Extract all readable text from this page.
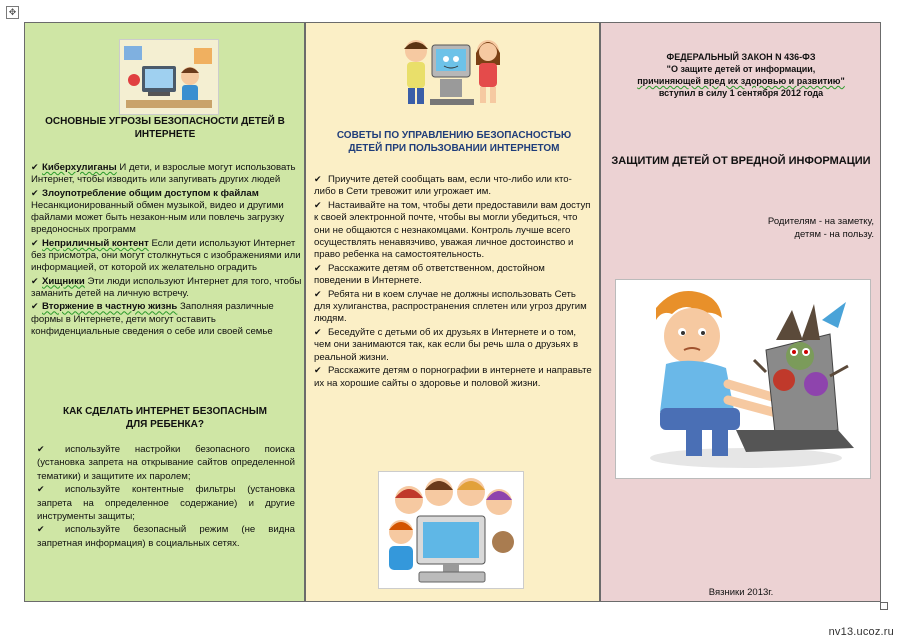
✥
ОСНОВНЫЕ УГРОЗЫ БЕЗОПАСНОСТИ ДЕТЕЙ В ИНТЕРНЕТЕ
✔ Киберхулиганы И дети, и взрослые могут использовать Интернет, чтобы изводить или запугивать других людей
✔ Злоупотребление общим доступом к файлам Несанкционированный обмен музыкой, видео и другими файлами может быть незакон-ным или повлечь загрузку вредоносных программ
✔ Неприличный контент Если дети используют Интернет без присмотра, они могут столкнуться с изображениями или информацией, от которой их желательно оградить
✔ Хищники Эти люди используют Интернет для того, чтобы заманить детей на личную встречу.
✔ Вторжение в частную жизнь Заполняя различные формы в Интернете, дети могут оставить конфиденциальные сведения о себе или своей семье
КАК СДЕЛАТЬ ИНТЕРНЕТ БЕЗОПАСНЫМ ДЛЯ РЕБЕНКА?
✔ используйте настройки безопасного поиска (установка запрета на открывание сайтов определенной тематики) и защитите их паролем;
✔ используйте контентные фильтры (установка запрета на определенное содержание) и другие инструменты защиты;
✔ используйте безопасный режим (не видна запретная информация) в социальных сетях.
СОВЕТЫ ПО УПРАВЛЕНИЮ БЕЗОПАСНОСТЬЮ ДЕТЕЙ ПРИ ПОЛЬЗОВАНИИ ИНТЕРНЕТОМ
✔ Приучите детей сообщать вам, если что-либо или кто-либо в Сети тревожит или угрожает им.
✔ Настаивайте на том, чтобы дети предоставили вам доступ к своей электронной почте, чтобы вы могли убедиться, что они не общаются с незнакомцами. Контроль лучше всего осуществлять ненавязчиво, уважая личное достоинство и право ребенка на самостоятельность.
✔ Расскажите детям об ответственном, достойном поведении в Интернете.
✔ Ребята ни в коем случае не должны использовать Сеть для хулиганства, распространения сплетен или угроз другим людям.
✔ Беседуйте с детьми об их друзьях в Интернете и о том, чем они занимаются так, как если бы речь шла о друзьях в реальной жизни.
✔ Расскажите детям о порнографии в интернете и направьте их на хорошие сайты о здоровье и половой жизни.
ФЕДЕРАЛЬНЫЙ ЗАКОН N 436-ФЗ
"О защите детей от информации,
причиняющей вред их здоровью и развитию"
вступил в силу 1 сентября 2012 года
ЗАЩИТИМ ДЕТЕЙ ОТ ВРЕДНОЙ ИНФОРМАЦИИ
Родителям - на заметку,
детям - на пользу.
Вязники 2013г.
nv13.ucoz.ru
